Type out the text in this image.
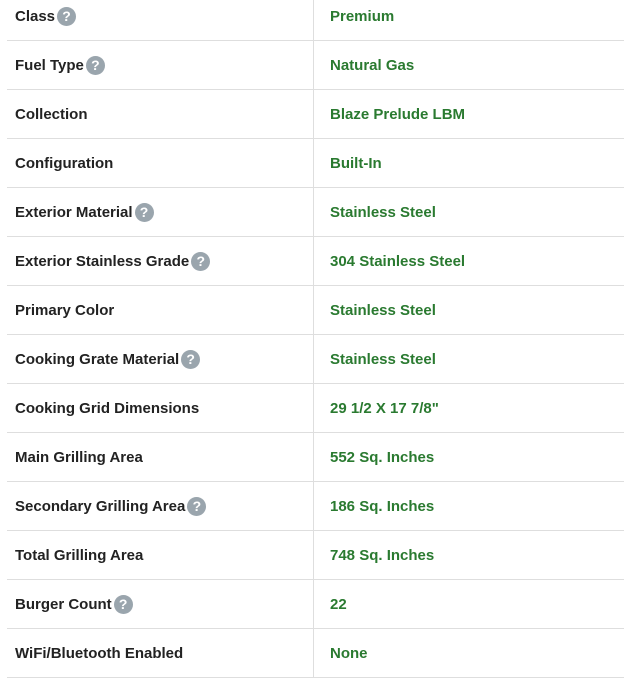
Class ?	Premium
Fuel Type ?	Natural Gas
Collection	Blaze Prelude LBM
Configuration	Built-In
Exterior Material ?	Stainless Steel
Exterior Stainless Grade ?	304 Stainless Steel
Primary Color	Stainless Steel
Cooking Grate Material ?	Stainless Steel
Cooking Grid Dimensions	29 1/2 X 17 7/8"
Main Grilling Area	552 Sq. Inches
Secondary Grilling Area ?	186 Sq. Inches
Total Grilling Area	748 Sq. Inches
Burger Count ?	22
WiFi/Bluetooth Enabled	None
